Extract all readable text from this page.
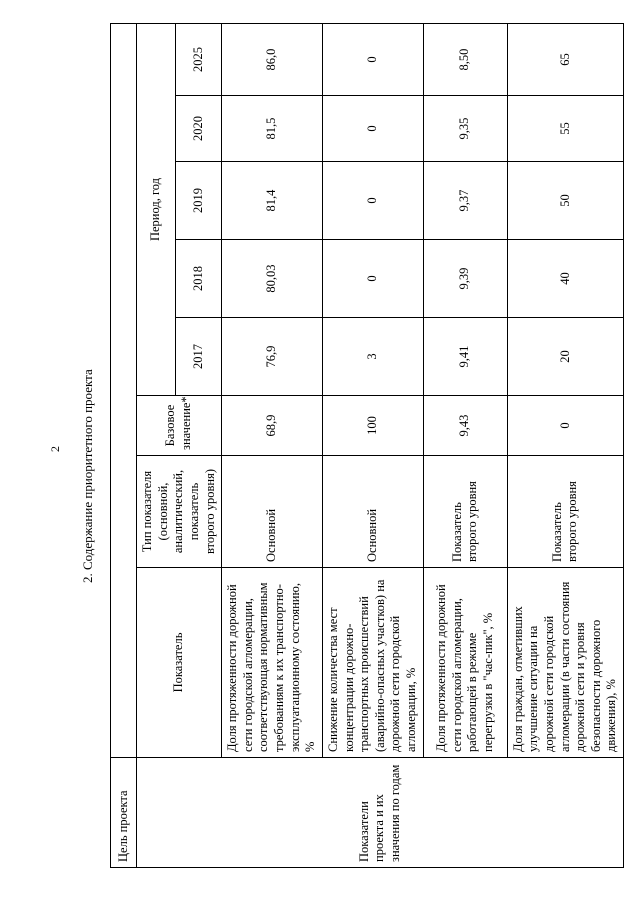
2 2. Содержание приоритетного проекта
Цель проекта								
Показатели проекта и их значения по годам	Показатель	Тип показателя (основной, аналитический, показатель второго уровня)	Базовое значение*	Период, год				
				2017	2018	2019	2020	2025
	Доля протяженности дорожной сети городской агломерации, соответствующая нормативным требованиям к их транспортно-эксплуатационному состоянию, %	Основной	68,9	76,9	80,03	81,4	81,5	86,0
	Снижение количества мест концентрации дорожно-транспортных происшествий (аварийно-опасных участков) на дорожной сети городской агломерации, %	Основной	100	3	0	0	0	0
	Доля протяженности дорожной сети городской агломерации, работающей в режиме перегрузки в "час-пик", %	Показатель второго уровня	9,43	9,41	9,39	9,37	9,35	8,50
	Доля граждан, отметивших улучшение ситуации на дорожной сети городской агломерации (в части состояния дорожной сети и уровня безопасности дорожного движения), %	Показатель второго уровня	0	20	40	50	55	65
